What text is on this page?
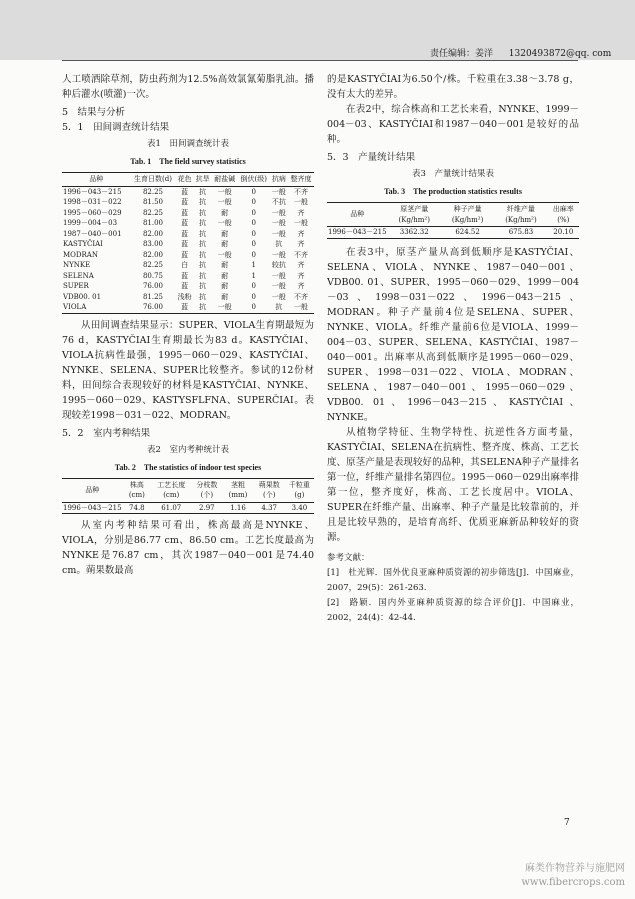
责任编辑：姜洋 1320493872@qq. com

人工喷洒除草剂，防虫药剂为12.5%高效氯氰菊脂乳油。播种后灌水(喷灌)一次。

5　结果与分析

5．1　田间调查统计结果

表1　田间调查统计表
Tab. 1　The field survey statistics
品种	生育日数(d)	花色	抗旱	耐盐碱	倒伏(级)	抗病	整齐度
1996－043－215	82.25	蓝	抗	一般	0	一般	不齐
1998－031－022	81.50	蓝	抗	一般	0	不抗	一般
1995－060－029	82.25	蓝	抗	耐	0	一般	齐
1999－004－03	81.00	蓝	抗	一般	0	一般	一般
1987－040－001	82.00	蓝	抗	耐	0	一般	齐
KASTYČIAI	83.00	蓝	抗	耐	0	抗	齐
MODRAN	82.00	蓝	抗	一般	0	一般	不齐
NYNKE	82.25	白	抗	耐	1	较抗	齐
SELENA	80.75	蓝	抗	耐	1	一般	齐
SUPER	76.00	蓝	抗	耐	0	一般	齐
VDB00. 01	81.25	浅粉	抗	耐	0	一般	不齐
VIOLA	76.00	蓝	抗	一般	0	抗	一般

从田间调查结果显示：SUPER、VIOLA生育期最短为76 d，KASTYČIAI生育期最长为83 d。KASTYČIAI、VIOLA抗病性最强，1995－060－029、KASTYČIAI、NYNKE、SELENA、SUPER比较整齐。参试的12份材料，田间综合表现较好的材料是KASTYČIAI、NYNKE、1995－060－029、KASTYSFLFNA、SUPERČIAI。表现较差1998－031－022、MODRAN。

5．2　室内考种结果

表2　室内考种统计表
Tab. 2　The statistics of indoor test species
品种	株高(cm)	工艺长度(cm)	分枝数(个)	茎粗(mm)	蒴果数(个)	千粒重(g)
1996－043－215	74.8	61.07	2.97	1.16	4.37	3.40

从室内考种结果可看出，株高最高是NYNKE、VIOLA，分别是86.77 cm、86.50 cm。工艺长度最高为NYNKE是76.87 cm，其次1987－040－001是74.40 cm。蒴果数最高

的是KASTYČIAI为6.50个/株。千粒重在3.38～3.78 g，没有太大的差异。

在表2中，综合株高和工艺长来看，NYNKE、1999－004－03、KASTYČIAI和1987－040－001是较好的品种。

5．3　产量统计结果

表3　产量统计结果表
Tab. 3　The production statistics results
品种	原茎产量(Kg/hm²)	种子产量(Kg/hm²)	纤维产量(Kg/hm²)	出麻率(%)
1996－043－215	3362.32	624.52	675.83	20.10

在表3中，原茎产量从高到低顺序是KASTYČIAI、SELENA、VIOLA、NYNKE、1987－040－001、VDB00. 01、SUPER、1995－060－029、1999－004－03、1998－031－022、1996－043－215、MODRAN。种子产量前4位是SELENA、SUPER、NYNKE、VIOLA。纤维产量前6位是VIOLA、1999－004－03、SUPER、SELENA、KASTYČIAI、1987－040－001。出麻率从高到低顺序是1995－060－029、SUPER、1998－031－022、VIOLA、MODRAN、SELENA、1987－040－001、1995－060－029、VDB00. 01、1996－043－215、KASTYČIAI、NYNKE。

从植物学特征、生物学特性、抗逆性各方面考量，KASTYČIAI、SELENA在抗病性、整齐度、株高、工艺长度、原茎产量是表现较好的品种，其SELENA种子产量排名第一位，纤维产量排名第四位。1995－060－029出麻率排第一位，整齐度好，株高、工艺长度居中。VIOLA、SUPER在纤维产量、出麻率、种子产量是比较靠前的，并且是比较早熟的，是培育高纤、优质亚麻新品种较好的资源。

参考文献：

[1]　杜光辉．国外优良亚麻种质资源的初步筛选[J]．中国麻业，2007，29(5)：261-263.

[2]　路颖．国内外亚麻种质资源的综合评价[J]．中国麻业，2002，24(4)：42-44.

7
麻类作物营养与施肥网
www.fibercrops.com
